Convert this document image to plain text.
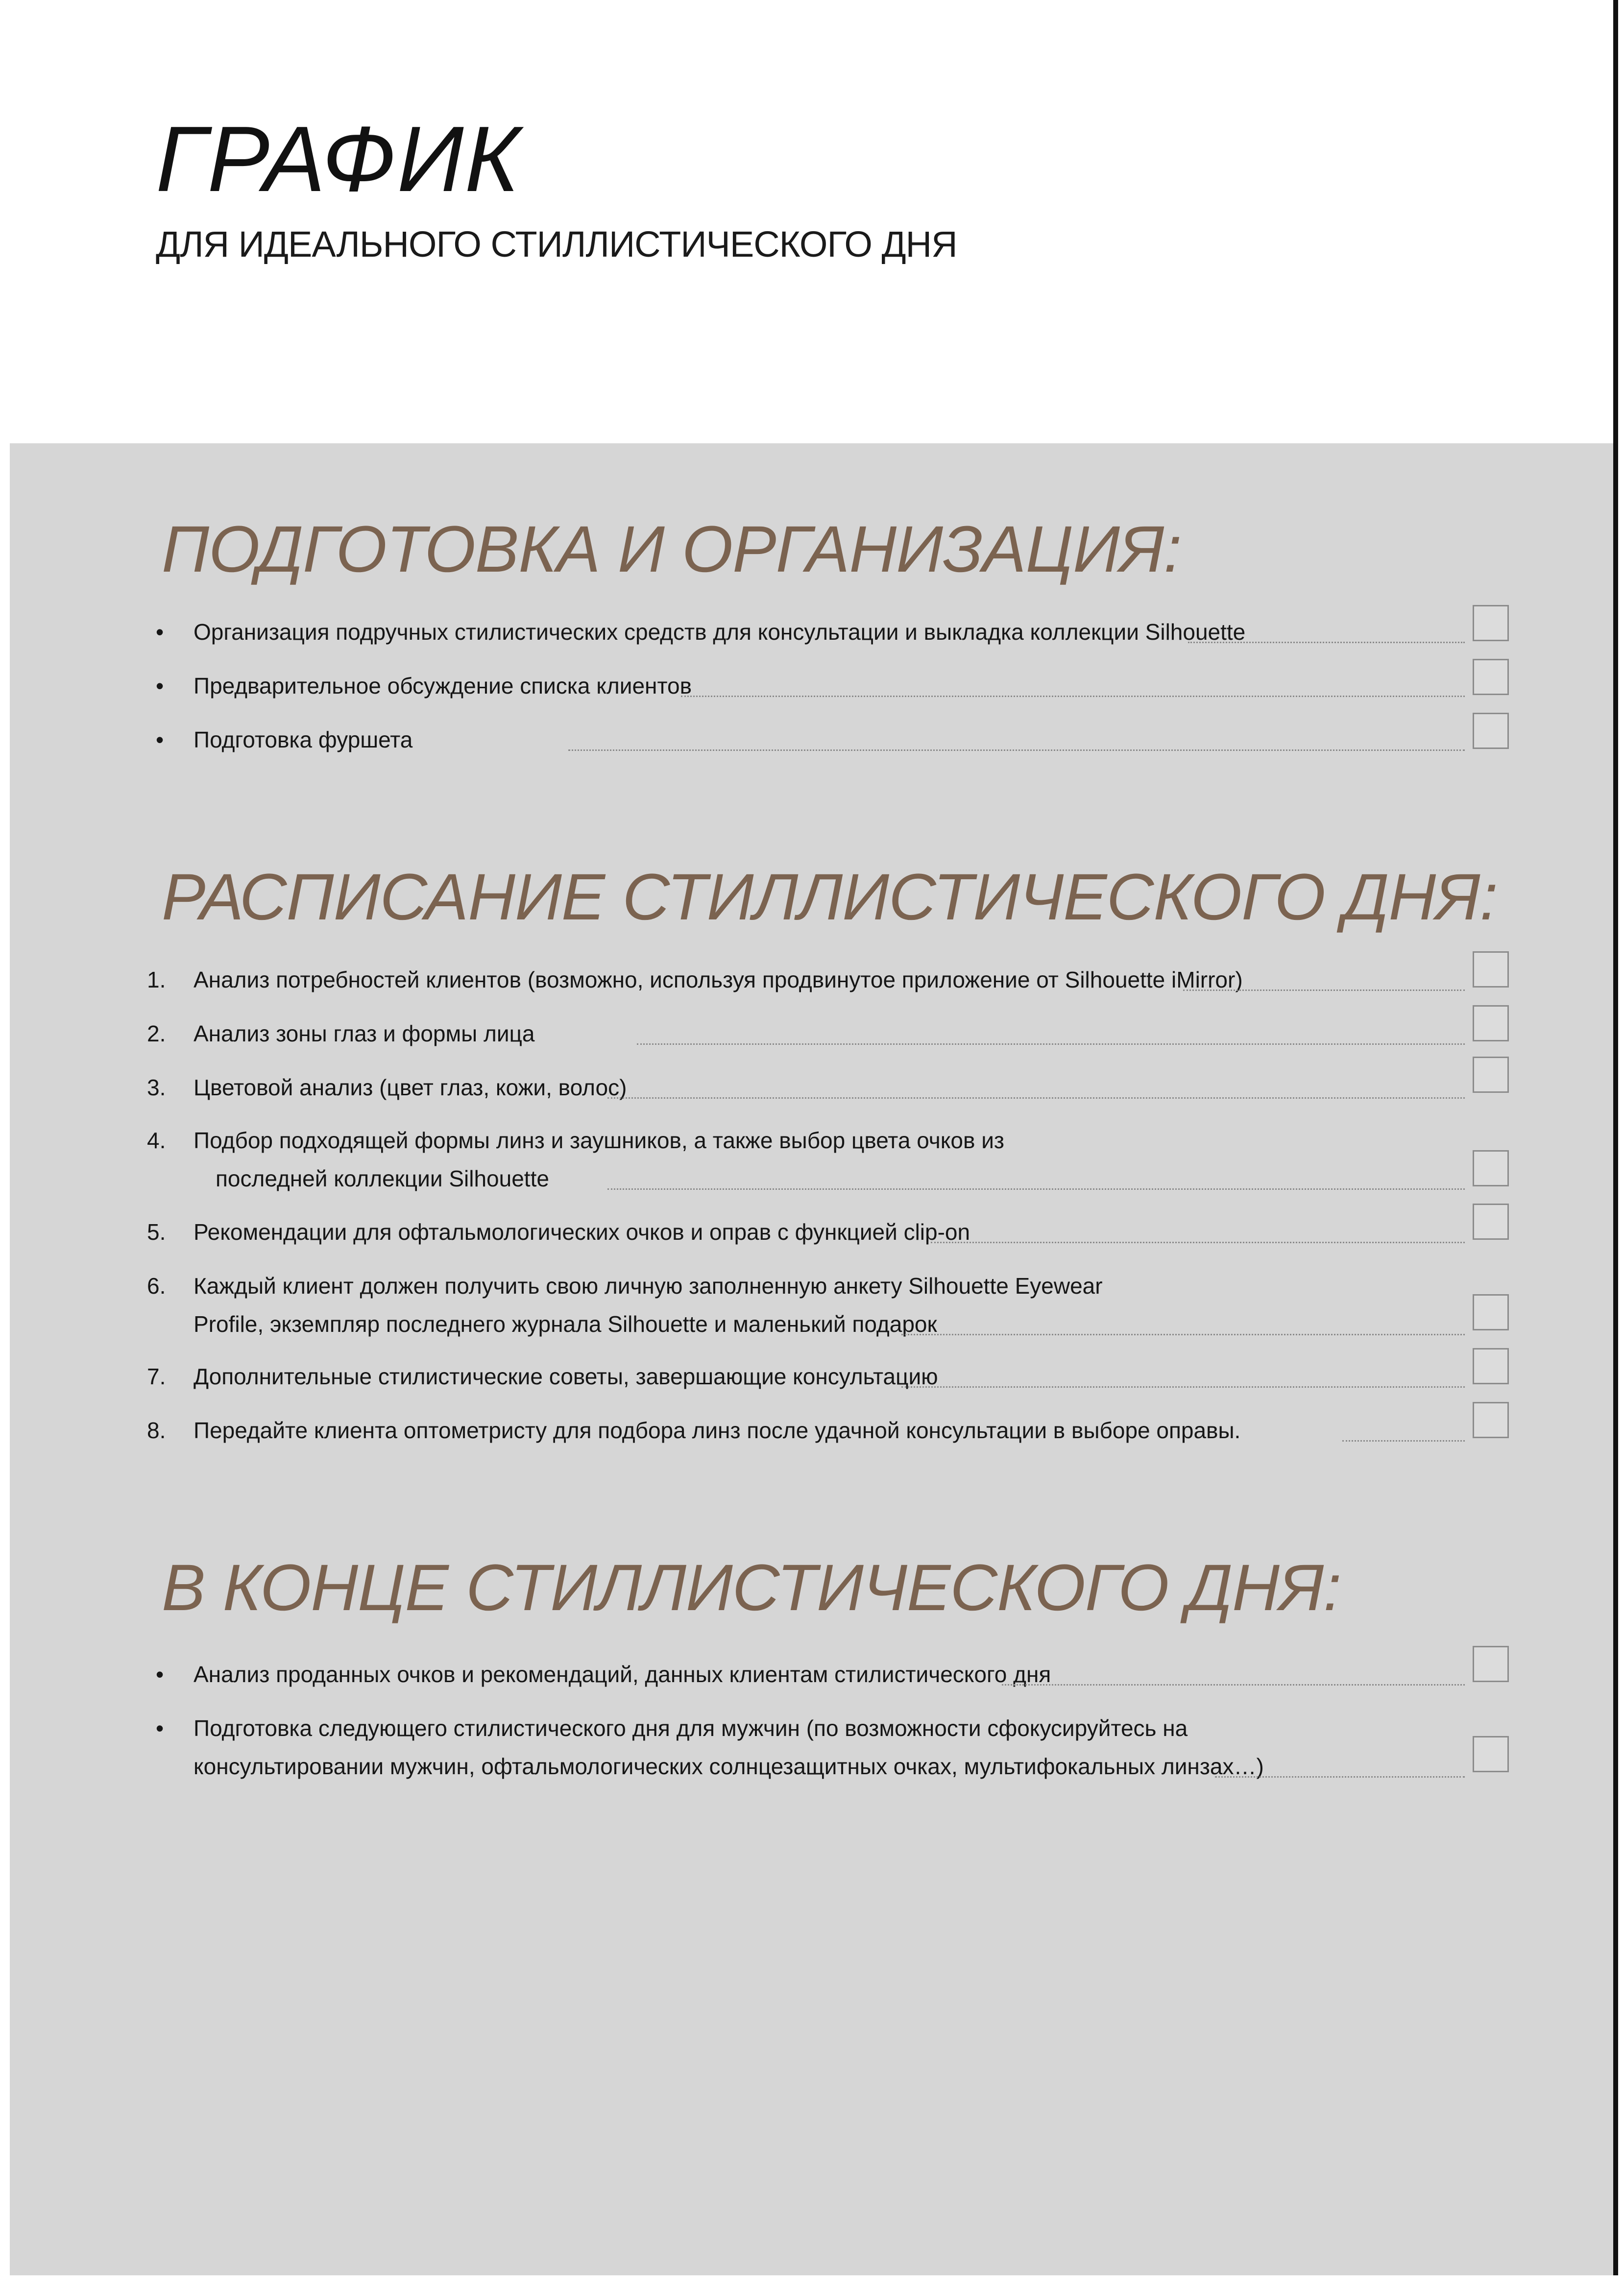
ГРАФИК

ДЛЯ ИДЕАЛЬНОГО СТИЛЛИСТИЧЕСКОГО ДНЯ

ПОДГОТОВКА И ОРГАНИЗАЦИЯ:
•	Организация подручных стилистических средств для консультации и выкладка коллекции Silhouette
•	Предварительное обсуждение списка клиентов
•	Подготовка фуршета
РАСПИСАНИЕ СТИЛЛИСТИЧЕСКОГО ДНЯ:
1.	Анализ потребностей клиентов (возможно, используя продвинутое приложение от Silhouette iMirror)
2.	Анализ зоны глаз и формы лица
3.	Цветовой анализ (цвет глаз, кожи, волос)
4.	Подбор подходящей формы линз и заушников, а также выбор цвета очков из
последней коллекции Silhouette
5.	Рекомендации для офтальмологических очков и оправ с функцией clip-on
6.	Каждый клиент должен получить свою личную заполненную анкету Silhouette Eyewear
Profile, экземпляр последнего журнала Silhouette и маленький подарок
7.	Дополнительные стилистические советы, завершающие консультацию
8.	Передайте клиента оптометристу для подбора линз после удачной консультации в выборе оправы.
В КОНЦЕ СТИЛЛИСТИЧЕСКОГО ДНЯ:
•	Анализ проданных очков и рекомендаций, данных клиентам стилистического дня
•	Подготовка следующего стилистического дня для мужчин (по возможности сфокусируйтесь на
консультировании мужчин, офтальмологических солнцезащитных очках, мультифокальных линзах…)
